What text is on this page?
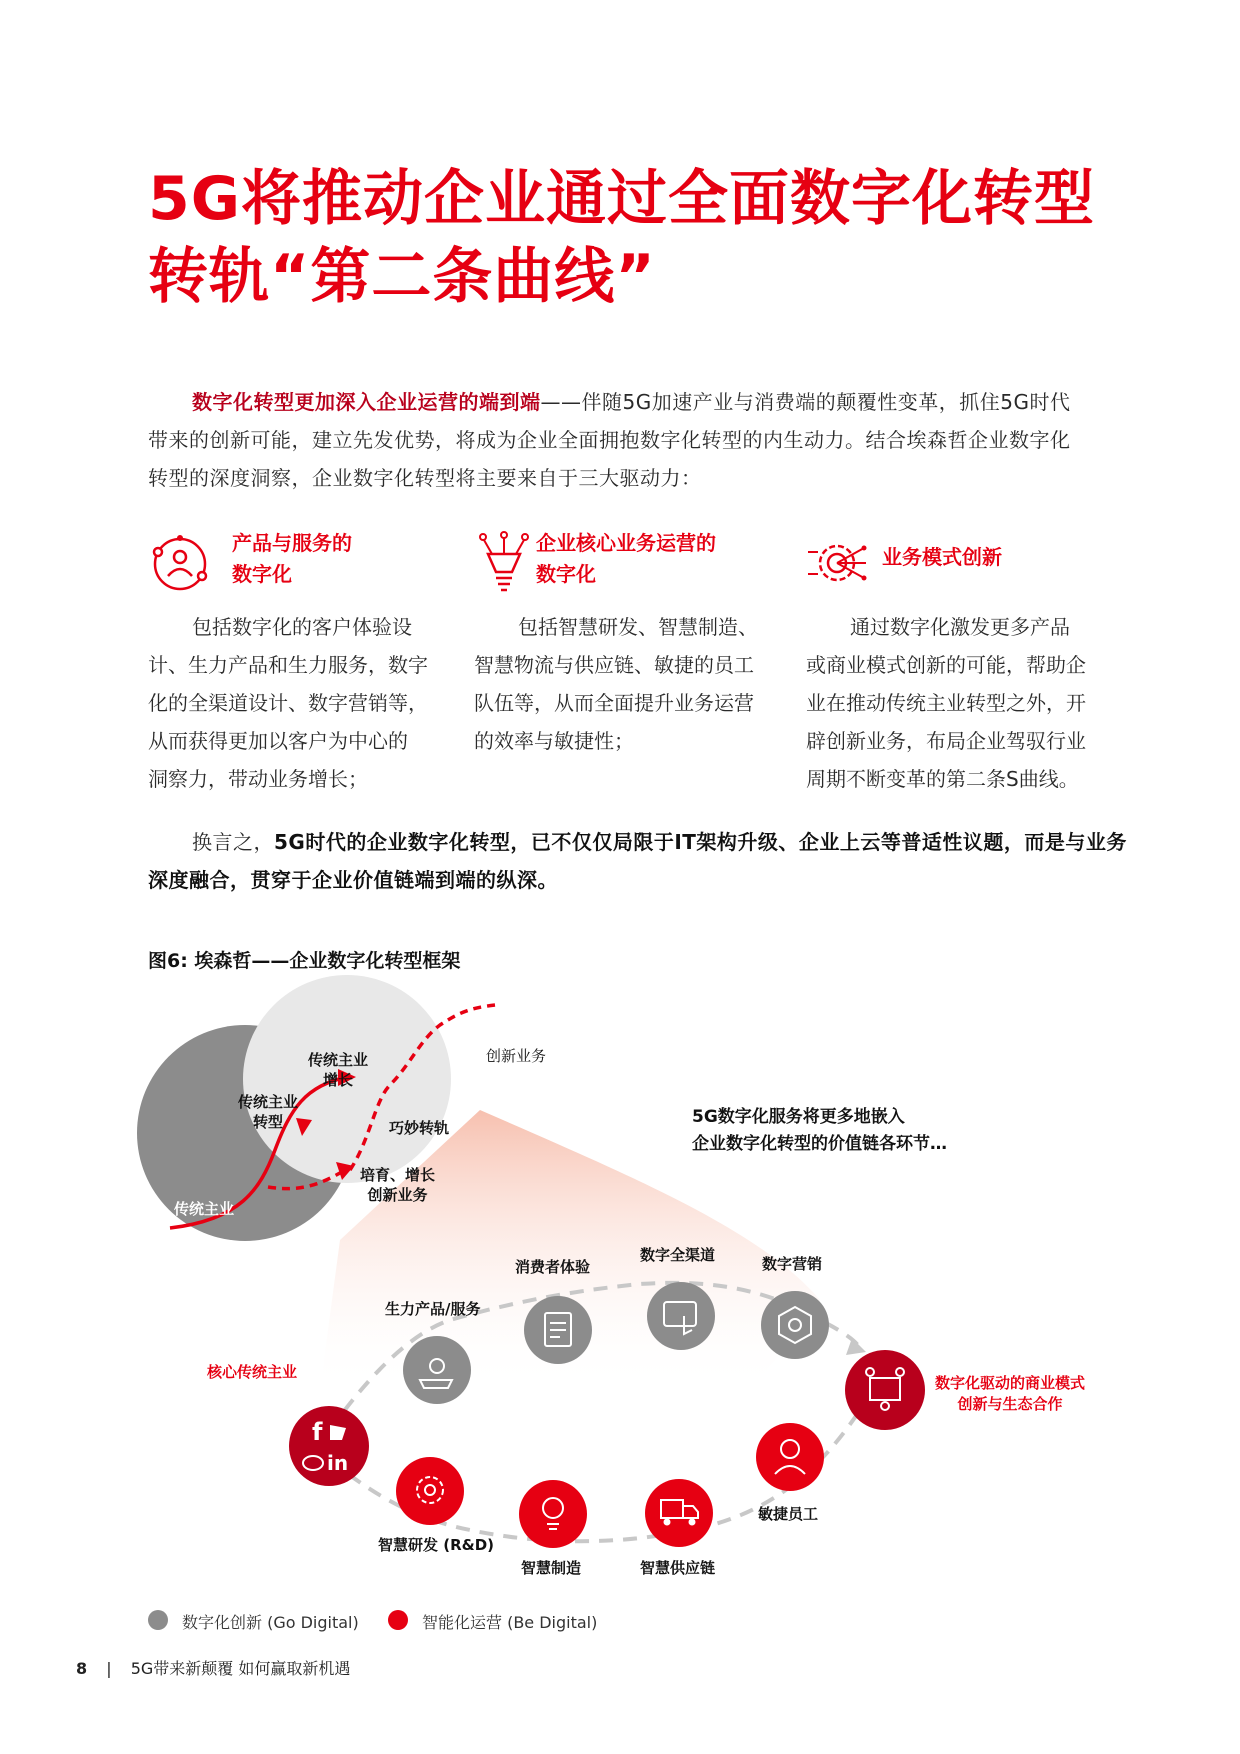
5G将推动企业通过全面数字化转型
转轨“第二条曲线”
数字化转型更加深入企业运营的端到端——伴随5G加速产业与消费端的颠覆性变革，抓住5G时代
带来的创新可能，建立先发优势，将成为企业全面拥抱数字化转型的内生动力。结合埃森哲企业数字化
转型的深度洞察，企业数字化转型将主要来自于三大驱动力：
产品与服务的
数字化
包括数字化的客户体验设
计、生力产品和生力服务，数字
化的全渠道设计、数字营销等，
从而获得更加以客户为中心的
洞察力，带动业务增长；
企业核心业务运营的
数字化
包括智慧研发、智慧制造、
智慧物流与供应链、敏捷的员工
队伍等，从而全面提升业务运营
的效率与敏捷性；
业务模式创新
通过数字化激发更多产品
或商业模式创新的可能，帮助企
业在推动传统主业转型之外，开
辟创新业务，布局企业驾驭行业
周期不断变革的第二条S曲线。
换言之，5G时代的企业数字化转型，已不仅仅局限于IT架构升级、企业上云等普适性议题，而是与业务
深度融合，贯穿于企业价值链端到端的纵深。
图6: 埃森哲——企业数字化转型框架
f
in
传统主业
增长
传统主业
转型
传统主业
巧妙转轨
培育、增长
创新业务
创新业务
5G数字化服务将更多地嵌入
企业数字化转型的价值链各环节…
核心传统主业
生力产品/服务
消费者体验
数字全渠道	数字营销
智慧研发 (R&D)
智慧制造	智慧供应链
敏捷员工
数字化驱动的商业模式
创新与生态合作
数字化创新 (Go Digital)	智能化运营 (Be Digital)
8 | 5G带来新颠覆 如何赢取新机遇
